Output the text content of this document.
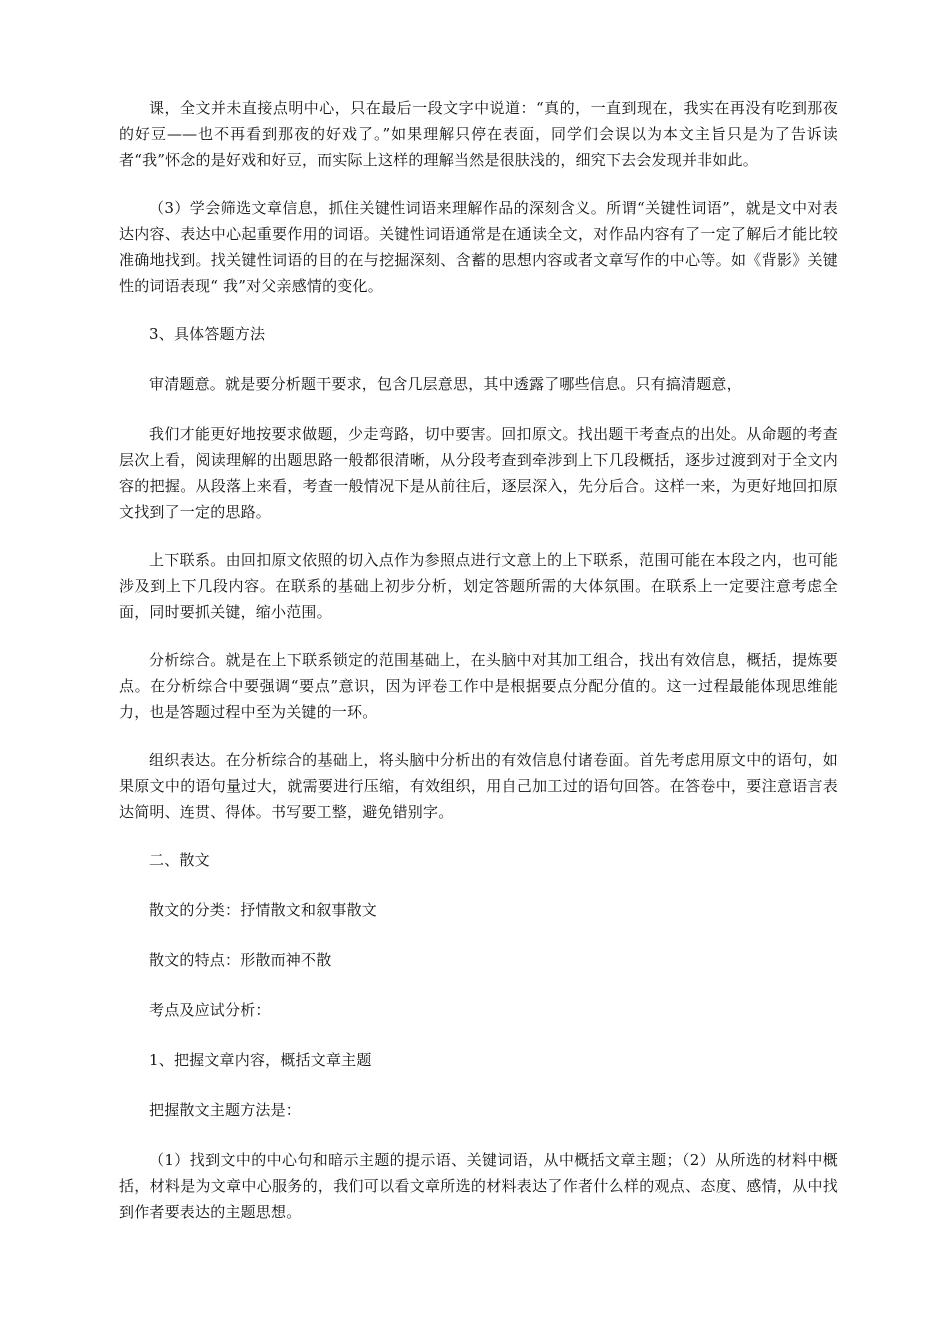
课，全文并未直接点明中心，只在最后一段文字中说道：“真的，一直到现在，我实在再没有吃到那夜的好豆——也不再看到那夜的好戏了。”如果理解只停在表面，同学们会误以为本文主旨只是为了告诉读者“我”怀念的是好戏和好豆，而实际上这样的理解当然是很肤浅的，细究下去会发现并非如此。

（3）学会筛选文章信息，抓住关键性词语来理解作品的深刻含义。所谓“关键性词语”，就是文中对表达内容、表达中心起重要作用的词语。关键性词语通常是在通读全文，对作品内容有了一定了解后才能比较准确地找到。找关键性词语的目的在与挖掘深刻、含蓄的思想内容或者文章写作的中心等。如《背影》关键性的词语表现“ 我”对父亲感情的变化。

3、具体答题方法

审清题意。就是要分析题干要求，包含几层意思，其中透露了哪些信息。只有搞清题意，

我们才能更好地按要求做题，少走弯路，切中要害。回扣原文。找出题干考查点的出处。从命题的考查层次上看，阅读理解的出题思路一般都很清晰，从分段考查到牵涉到上下几段概括，逐步过渡到对于全文内容的把握。从段落上来看，考查一般情况下是从前往后，逐层深入，先分后合。这样一来，为更好地回扣原文找到了一定的思路。

上下联系。由回扣原文依照的切入点作为参照点进行文意上的上下联系，范围可能在本段之内，也可能涉及到上下几段内容。在联系的基础上初步分析，划定答题所需的大体氛围。在联系上一定要注意考虑全面，同时要抓关键，缩小范围。

分析综合。就是在上下联系锁定的范围基础上，在头脑中对其加工组合，找出有效信息，概括，提炼要点。在分析综合中要强调“要点”意识，因为评卷工作中是根据要点分配分值的。这一过程最能体现思维能力，也是答题过程中至为关键的一环。

组织表达。在分析综合的基础上，将头脑中分析出的有效信息付诸卷面。首先考虑用原文中的语句，如果原文中的语句量过大，就需要进行压缩，有效组织，用自己加工过的语句回答。在答卷中，要注意语言表达简明、连贯、得体。书写要工整，避免错别字。

二、散文

散文的分类：抒情散文和叙事散文

散文的特点：形散而神不散

考点及应试分析：

1、把握文章内容，概括文章主题

把握散文主题方法是：

（1）找到文中的中心句和暗示主题的提示语、关键词语，从中概括文章主题；（2）从所选的材料中概括，材料是为文章中心服务的，我们可以看文章所选的材料表达了作者什么样的观点、态度、感情，从中找到作者要表达的主题思想。
